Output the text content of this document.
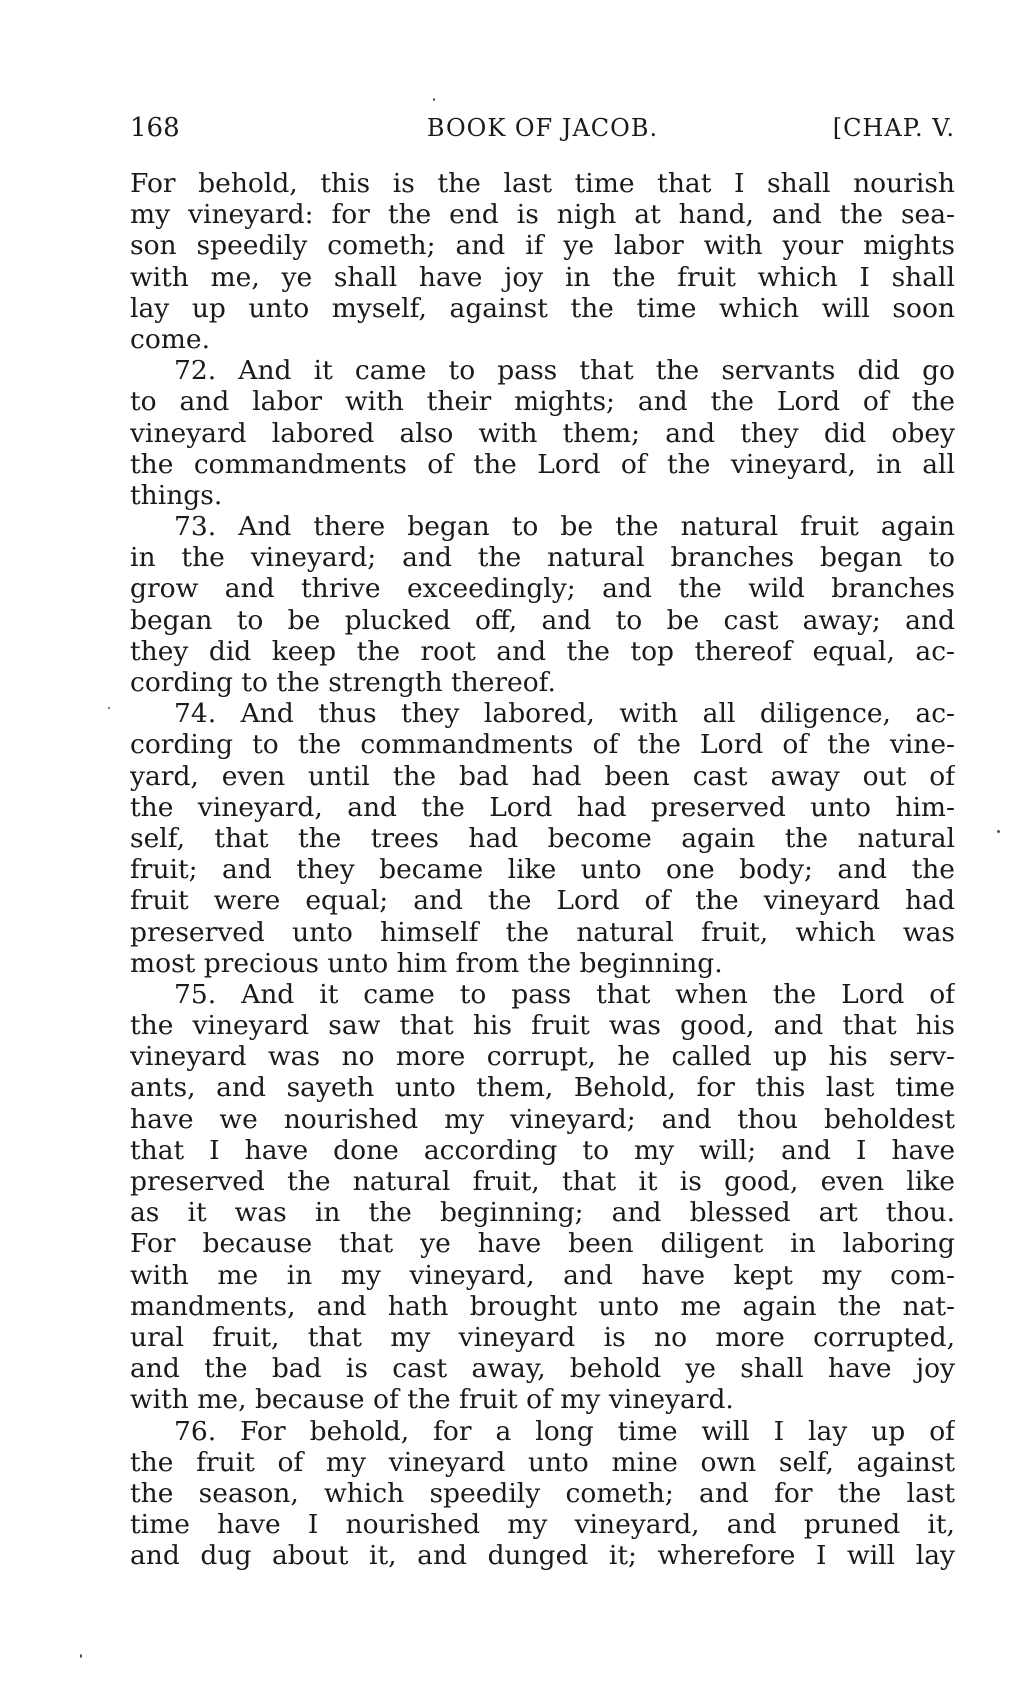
168	BOOK OF JACOB.	[CHAP. V.
For behold, this is the last time that I shall nourish
my vineyard: for the end is nigh at hand, and the sea-
son speedily cometh; and if ye labor with your mights
with me, ye shall have joy in the fruit which I shall
lay up unto myself, against the time which will soon
come.
72. And it came to pass that the servants did go
to and labor with their mights; and the Lord of the
vineyard labored also with them; and they did obey
the commandments of the Lord of the vineyard, in all
things.
73. And there began to be the natural fruit again
in the vineyard; and the natural branches began to
grow and thrive exceedingly; and the wild branches
began to be plucked off, and to be cast away; and
they did keep the root and the top thereof equal, ac-
cording to the strength thereof.
74. And thus they labored, with all diligence, ac-
cording to the commandments of the Lord of the vine-
yard, even until the bad had been cast away out of
the vineyard, and the Lord had preserved unto him-
self, that the trees had become again the natural
fruit; and they became like unto one body; and the
fruit were equal; and the Lord of the vineyard had
preserved unto himself the natural fruit, which was
most precious unto him from the beginning.
75. And it came to pass that when the Lord of
the vineyard saw that his fruit was good, and that his
vineyard was no more corrupt, he called up his serv-
ants, and sayeth unto them, Behold, for this last time
have we nourished my vineyard; and thou beholdest
that I have done according to my will; and I have
preserved the natural fruit, that it is good, even like
as it was in the beginning; and blessed art thou.
For because that ye have been diligent in laboring
with me in my vineyard, and have kept my com-
mandments, and hath brought unto me again the nat-
ural fruit, that my vineyard is no more corrupted,
and the bad is cast away, behold ye shall have joy
with me, because of the fruit of my vineyard.
76. For behold, for a long time will I lay up of
the fruit of my vineyard unto mine own self, against
the season, which speedily cometh; and for the last
time have I nourished my vineyard, and pruned it,
and dug about it, and dunged it; wherefore I will lay
